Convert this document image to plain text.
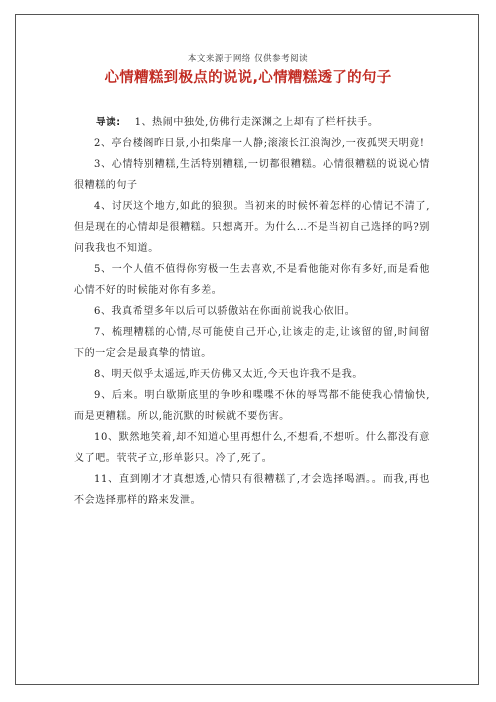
本文来源于网络 仅供参考阅读
心情糟糕到极点的说说,心情糟糕透了的句子

导读: 1、热闹中独处,仿佛行走深渊之上却有了栏杆扶手。

2、亭台楼阁昨日景,小扣柴扉一人静;滚滚长江浪淘沙,一夜孤哭天明竟!

3、心情特别糟糕,生活特别糟糕,一切都很糟糕。心情很糟糕的说说心情很糟糕的句子

4、讨厌这个地方,如此的狼狈。当初来的时候怀着怎样的心情记不清了,但是现在的心情却是很糟糕。只想离开。为什么…不是当初自己选择的吗?别问我我也不知道。

5、一个人值不值得你穷极一生去喜欢,不是看他能对你有多好,而是看他心情不好的时候能对你有多差。

6、我真希望多年以后可以骄傲站在你面前说我心依旧。

7、梳理糟糕的心情,尽可能使自己开心,让该走的走,让该留的留,时间留下的一定会是最真挚的情谊。

8、明天似乎太遥远,昨天仿佛又太近,今天也许我不是我。

9、后来。明白歇斯底里的争吵和喋喋不休的辱骂都不能使我心情愉快,而是更糟糕。所以,能沉默的时候就不要伤害。

10、默然地笑着,却不知道心里再想什么,不想看,不想听。什么都没有意义了吧。茕茕孑立,形单影只。冷了,死了。

11、直到刚才才真想透,心情只有很糟糕了,才会选择喝酒。。而我,再也不会选择那样的路来发泄。
